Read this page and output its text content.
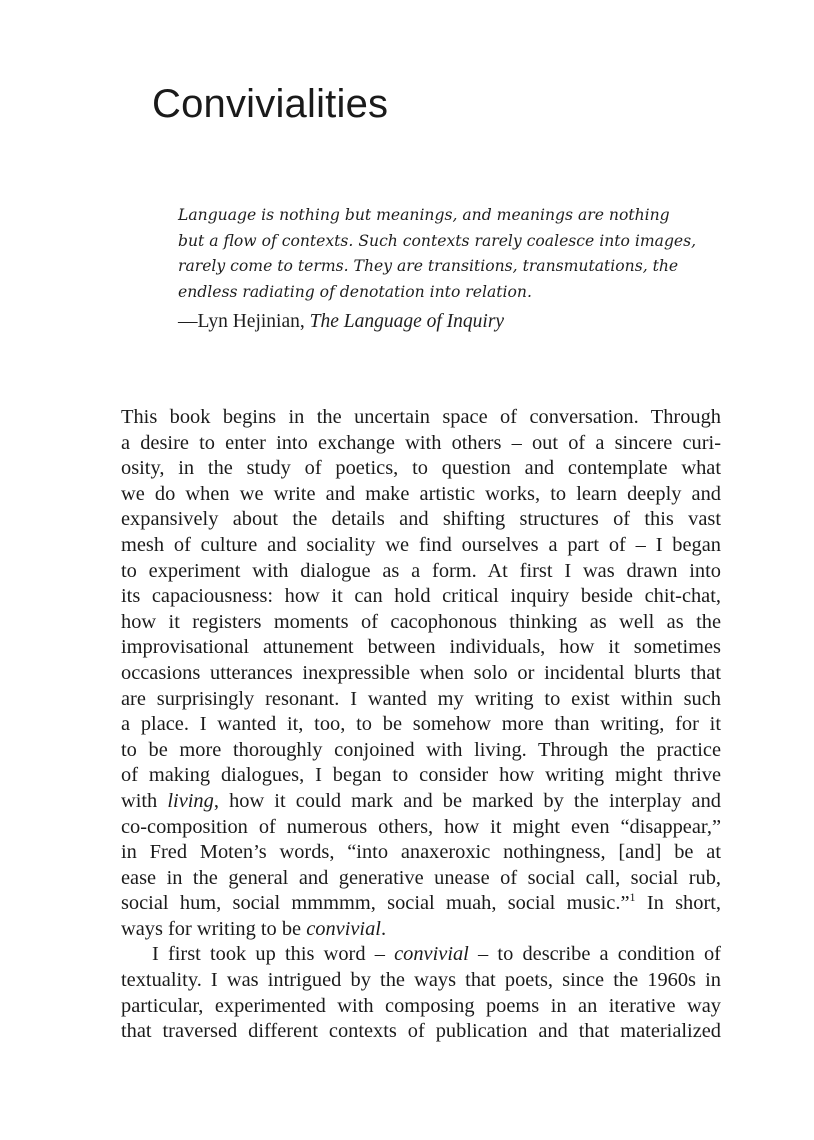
Convivialities

Language is nothing but meanings, and meanings are nothing
but a flow of contexts. Such contexts rarely coalesce into images,
rarely come to terms. They are transitions, transmutations, the
endless radiating of denotation into relation.

—Lyn Hejinian, The Language of Inquiry
This book begins in the uncertain space of conversation. Through
a desire to enter into exchange with others – out of a sincere curi-
osity, in the study of poetics, to question and contemplate what
we do when we write and make artistic works, to learn deeply and
expansively about the details and shifting structures of this vast
mesh of culture and sociality we find ourselves a part of – I began
to experiment with dialogue as a form. At first I was drawn into
its capaciousness: how it can hold critical inquiry beside chit-chat,
how it registers moments of cacophonous thinking as well as the
improvisational attunement between individuals, how it sometimes
occasions utterances inexpressible when solo or incidental blurts that
are surprisingly resonant. I wanted my writing to exist within such
a place. I wanted it, too, to be somehow more than writing, for it
to be more thoroughly conjoined with living. Through the practice
of making dialogues, I began to consider how writing might thrive
with living, how it could mark and be marked by the interplay and
co-composition of numerous others, how it might even “disappear,”
in Fred Moten’s words, “into anaxeroxic nothingness, [and] be at
ease in the general and generative unease of social call, social rub,
social hum, social mmmmm, social muah, social music.”$^1$ In short,
ways for writing to be convivial.
I first took up this word – convivial – to describe a condition of
textuality. I was intrigued by the ways that poets, since the 1960s in
particular, experimented with composing poems in an iterative way
that traversed different contexts of publication and that materialized
